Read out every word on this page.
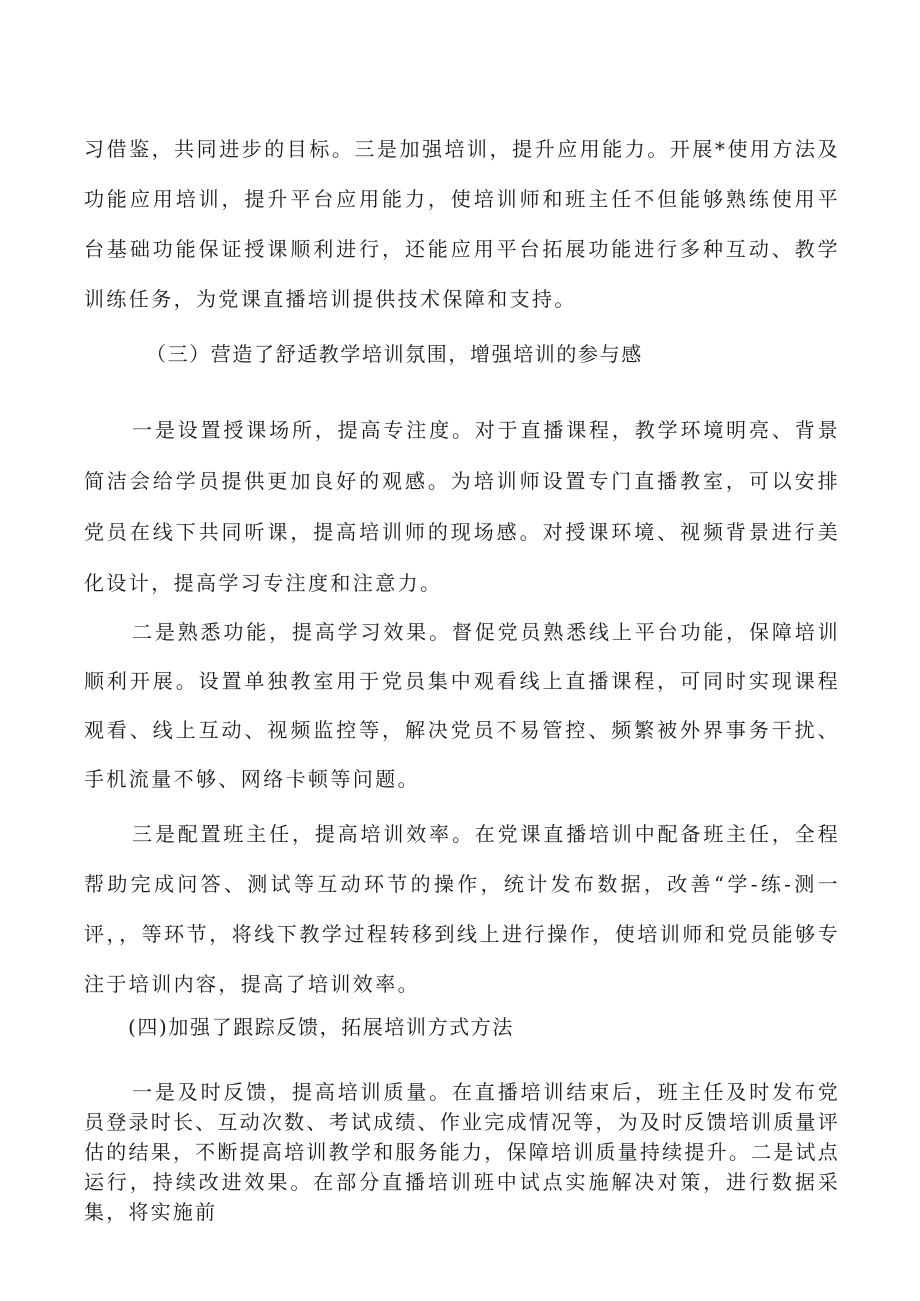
习借鉴，共同进步的目标。三是加强培训，提升应用能力。开展*使用方法及功能应用培训，提升平台应用能力，使培训师和班主任不但能够熟练使用平台基础功能保证授课顺利进行，还能应用平台拓展功能进行多种互动、教学训练任务，为党课直播培训提供技术保障和支持。

（三）营造了舒适教学培训氛围，增强培训的参与感

一是设置授课场所，提高专注度。对于直播课程，教学环境明亮、背景简洁会给学员提供更加良好的观感。为培训师设置专门直播教室，可以安排党员在线下共同听课，提高培训师的现场感。对授课环境、视频背景进行美化设计，提高学习专注度和注意力。

二是熟悉功能，提高学习效果。督促党员熟悉线上平台功能，保障培训顺利开展。设置单独教室用于党员集中观看线上直播课程，可同时实现课程观看、线上互动、视频监控等，解决党员不易管控、频繁被外界事务干扰、手机流量不够、网络卡顿等问题。

三是配置班主任，提高培训效率。在党课直播培训中配备班主任，全程帮助完成问答、测试等互动环节的操作，统计发布数据，改善“学-练-测一评，，等环节，将线下教学过程转移到线上进行操作，使培训师和党员能够专注于培训内容，提高了培训效率。

(四)加强了跟踪反馈，拓展培训方式方法

一是及时反馈，提高培训质量。在直播培训结束后，班主任及时发布党员登录时长、互动次数、考试成绩、作业完成情况等，为及时反馈培训质量评估的结果，不断提高培训教学和服务能力，保障培训质量持续提升。二是试点运行，持续改进效果。在部分直播培训班中试点实施解决对策，进行数据采集，将实施前
